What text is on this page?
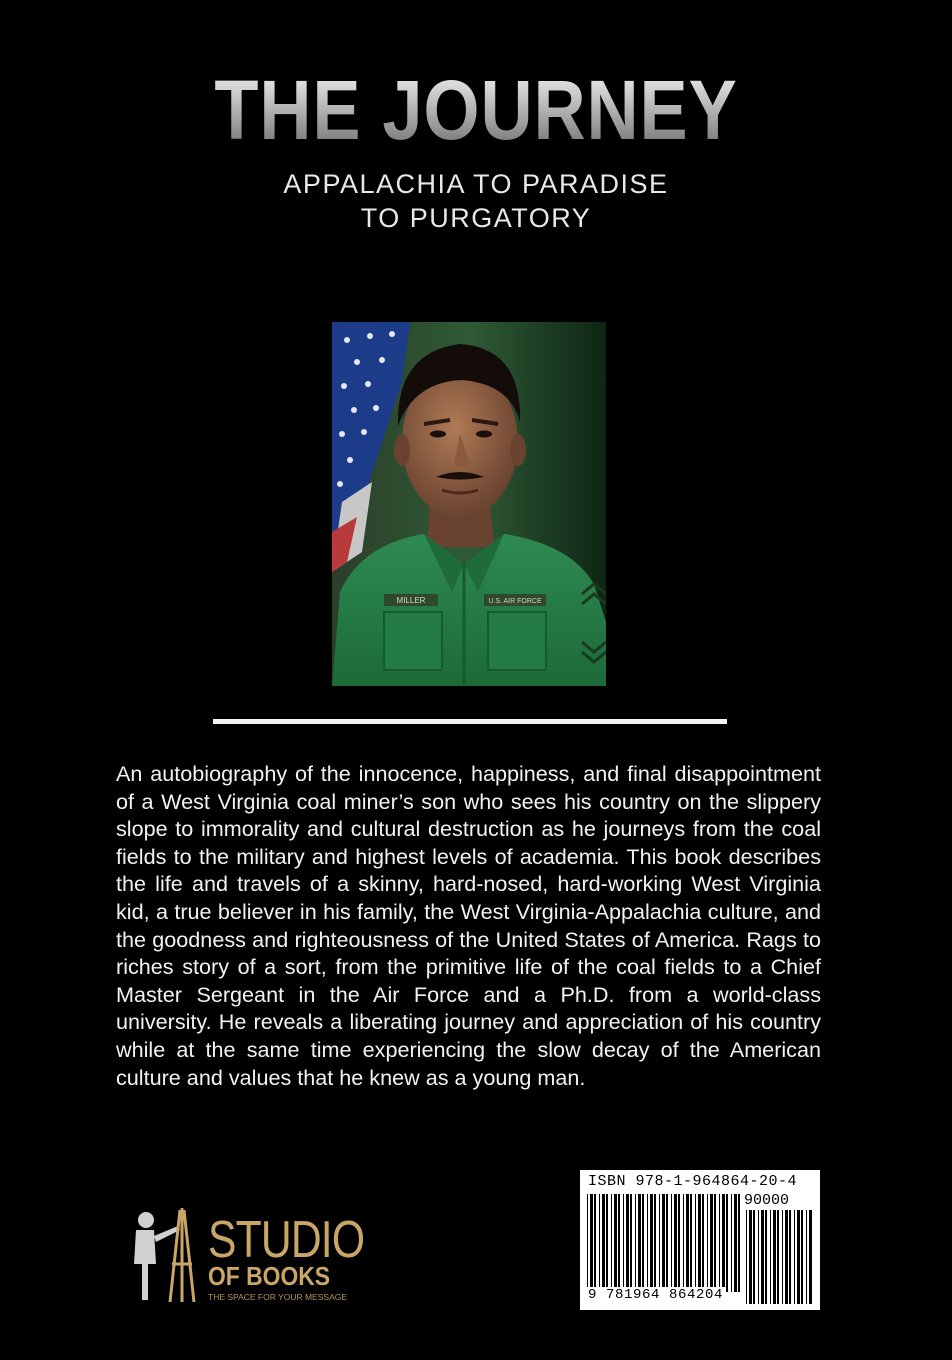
THE JOURNEY
APPALACHIA TO PARADISE
TO PURGATORY
MILLER	U.S. AIR FORCE

An autobiography of the innocence, happiness, and final disappointment of a West Virginia coal miner’s son who sees his country on the slippery slope to immorality and cultural destruction as he journeys from the coal fields to the military and highest levels of academia. This book describes the life and travels of a skinny, hard-nosed, hard-working West Virginia kid, a true believer in his family, the West Virginia-Appalachia culture, and the goodness and righteousness of the United States of America. Rags to riches story of a sort, from the primitive life of the coal fields to a Chief Master Sergeant in the Air Force and a Ph.D. from a world-class university. He reveals a liberating journey and appreciation of his country while at the same time experiencing the slow decay of the American culture and values that he knew as a young man.

STUDIO
OF BOOKS
THE SPACE FOR YOUR MESSAGE
ISBN 978-1-964864-20-4
90000
9 781964 864204
